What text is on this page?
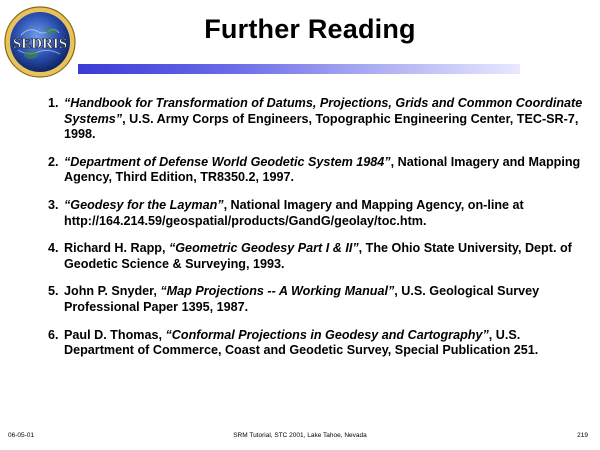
SEDRIS	Further Reading
1. “Handbook for Transformation of Datums, Projections, Grids and Common Coordinate Systems”, U.S. Army Corps of Engineers, Topographic Engineering Center, TEC-SR-7, 1998.
2. “Department of Defense World Geodetic System 1984”, National Imagery and Mapping Agency, Third Edition, TR8350.2, 1997.
3. “Geodesy for the Layman”, National Imagery and Mapping Agency, on-line at http://164.214.59/geospatial/products/GandG/geolay/toc.htm.
4. Richard H. Rapp, “Geometric Geodesy Part I & II”, The Ohio State University, Dept. of Geodetic Science & Surveying, 1993.
5. John P. Snyder, “Map Projections -- A Working Manual”, U.S. Geological Survey Professional Paper 1395, 1987.
6. Paul D. Thomas, “Conformal Projections in Geodesy and Cartography”, U.S. Department of Commerce, Coast and Geodetic Survey, Special Publication 251.
06-05-01	SRM Tutorial, STC 2001, Lake Tahoe, Nevada	219
